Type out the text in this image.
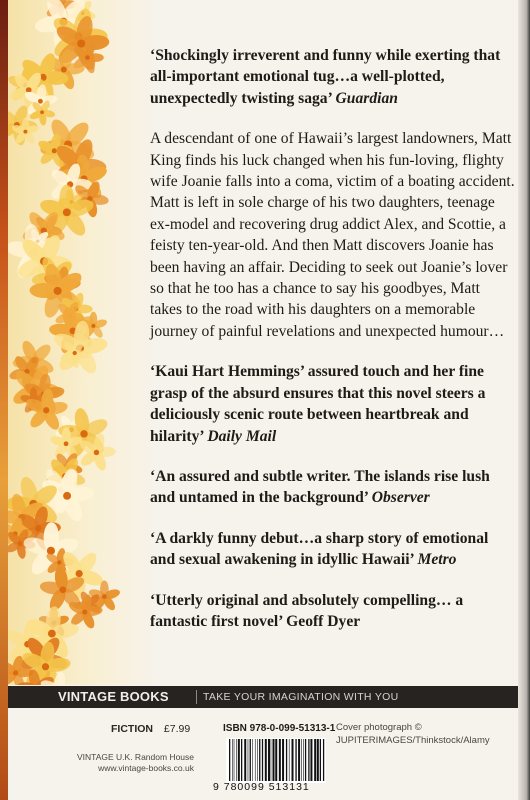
‘Shockingly irreverent and funny while exerting that all-important emotional tug…a well-plotted, unexpectedly twisting saga’ Guardian

A descendant of one of Hawaii’s largest landowners, Matt King finds his luck changed when his fun-loving, flighty wife Joanie falls into a coma, victim of a boating accident. Matt is left in sole charge of his two daughters, teenage ex-model and recovering drug addict Alex, and Scottie, a feisty ten-year-old. And then Matt discovers Joanie has been having an affair. Deciding to seek out Joanie’s lover so that he too has a chance to say his goodbyes, Matt takes to the road with his daughters on a memorable journey of painful revelations and unexpected humour…

‘Kaui Hart Hemmings’ assured touch and her fine grasp of the absurd ensures that this novel steers a deliciously scenic route between heartbreak and hilarity’ Daily Mail

‘An assured and subtle writer. The islands rise lush and untamed in the background’ Observer

‘A darkly funny debut…a sharp story of emotional and sexual awakening in idyllic Hawaii’ Metro

‘Utterly original and absolutely compelling… a fantastic first novel’ Geoff Dyer

VINTAGE BOOKS	TAKE YOUR IMAGINATION WITH YOU
FICTION £7.99
VINTAGE U.K. Random House
www.vintage-books.co.uk
ISBN 978-0-099-51313-1
9 780099 513131
Cover photograph ©
JUPITERIMAGES/Thinkstock/Alamy
